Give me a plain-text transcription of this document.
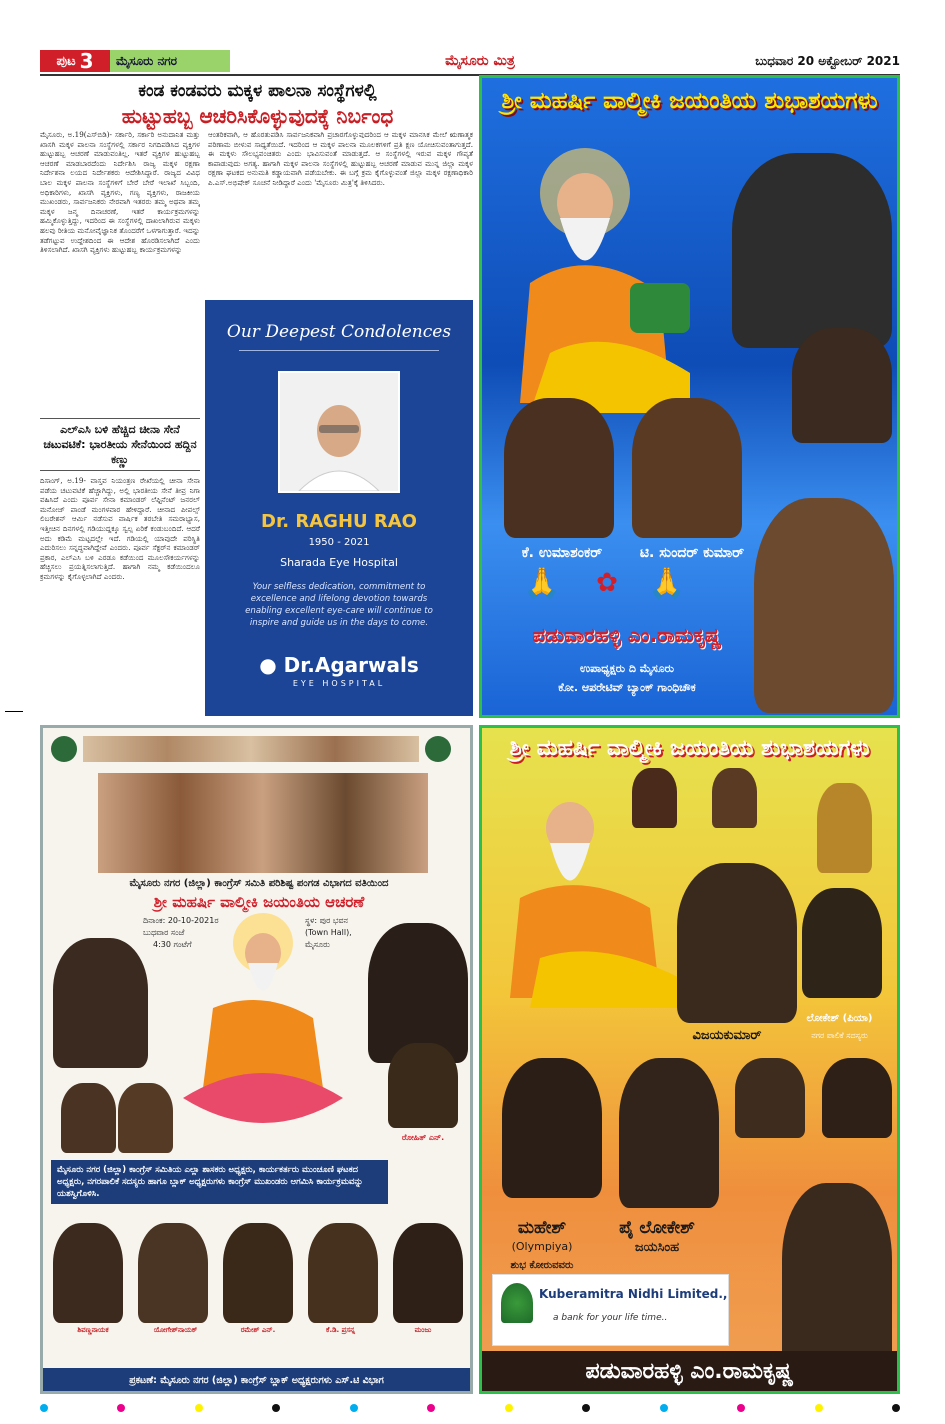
ಪುಟ 3	ಮೈಸೂರು ನಗರ	ಮೈಸೂರು ಮಿತ್ರ	ಬುಧವಾರ 20 ಅಕ್ಟೋಬರ್ 2021
ಕಂಡ ಕಂಡವರು ಮಕ್ಕಳ ಪಾಲನಾ ಸಂಸ್ಥೆಗಳಲ್ಲಿ
ಹುಟ್ಟುಹಬ್ಬ ಆಚರಿಸಿಕೊಳ್ಳುವುದಕ್ಕೆ ನಿರ್ಬಂಧ
ಮೈಸೂರು, ಅ.19(ಎಸ್‌ಬಿಡಿ)- ಸರ್ಕಾರಿ, ಸರ್ಕಾರಿ ಅನುದಾನಿತ ಮತ್ತು ಖಾಸಗಿ ಮಕ್ಕಳ ಪಾಲನಾ ಸಂಸ್ಥೆಗಳಲ್ಲಿ ಸರ್ಕಾರ ನಿಗದಿಪಡಿಸಿದ ವ್ಯಕ್ತಿಗಳ ಹುಟ್ಟುಹಬ್ಬ ಆಚರಣೆ ಮಾಡುವಂತಿಲ್ಲ. ಇತರೆ ವ್ಯಕ್ತಿಗಳ ಹುಟ್ಟುಹಬ್ಬ ಆಚರಣೆ ಮಾಡಬಾರದೆಂದು ನಿರ್ದೇಶಿಸಿ ರಾಜ್ಯ ಮಕ್ಕಳ ರಕ್ಷಣಾ ನಿರ್ದೇಶನಾ ಲಯದ ನಿರ್ದೇಶಕರು ಆದೇಶಿಸಿದ್ದಾರೆ. ರಾಜ್ಯದ ವಿವಿಧ ಬಾಲ ಮಕ್ಕಳ ಪಾಲನಾ ಸಂಸ್ಥೆಗಳಿಗೆ ಬೇರೆ ಬೇರೆ ಇಲಾಖೆ ಸಿಬ್ಬಂದಿ, ಅಧಿಕಾರಿಗಳು, ಖಾಸಗಿ ವ್ಯಕ್ತಿಗಳು, ಗಣ್ಯ ವ್ಯಕ್ತಿಗಳು, ರಾಜಕೀಯ ಮುಖಂಡರು, ಸಾರ್ವಜನಿಕರು ನೇರವಾಗಿ ಇತರರು ತಮ್ಮ ಅಥವಾ ತಮ್ಮ ಮಕ್ಕಳ ಜನ್ಮ ದಿನಾಚರಣೆ, ಇತರೆ ಕಾರ್ಯಕ್ರಮಗಳನ್ನು ಹಮ್ಮಿಕೊಳ್ಳುತ್ತಿದ್ದು, ಇದರಿಂದ ಈ ಸಂಸ್ಥೆಗಳಲ್ಲಿ ದಾಖಲಾಗಿರುವ ಮಕ್ಕಳು ಹಲವು ರೀತಿಯ ಮನೋವೈಜ್ಞಾನಿಕ ತೊಂದರೆಗೆ ಒಳಗಾಗುತ್ತಾರೆ. ಇದನ್ನು ತಡೆಗಟ್ಟುವ ಉದ್ದೇಶದಿಂದ ಈ ಆದೇಶ ಹೊರಡಿಸಲಾಗಿದೆ ಎಂದು ತಿಳಿಸಲಾಗಿದೆ. ಖಾಸಗಿ ವ್ಯಕ್ತಿಗಳು ಹುಟ್ಟುಹಬ್ಬ ಕಾರ್ಯಕ್ರಮಗಳನ್ನು
ಆಂತರಿಕವಾಗಿ, ಆ ಹೊರತುಪಡಿಸಿ ಸಾರ್ವಜನಿಕವಾಗಿ ಪ್ರಚಾರಗೊಳ್ಳುವುದರಿಂದ ಆ ಮಕ್ಕಳ ಮಾನಸಿಕ ಮೇಲೆ ಋಣಾತ್ಮಕ ಪರಿಣಾಮ ಬೀಳುವ ಸಾಧ್ಯತೆಯಿದೆ. ಇದರಿಂದ ಆ ಮಕ್ಕಳ ಪಾಲನಾ ಮೂಲಕಗಳಿಗೆ ಪ್ರತಿ ಕ್ಷಣ ಯೋಚಿಸುವಂತಾಗುತ್ತದೆ. ಈ ಮಕ್ಕಳು ಸೌಲಭ್ಯವಂಚಿತರು ಎಂದು ಭಾವಿಸುವಂತೆ ಮಾಡುತ್ತದೆ. ಆ ಸಂಸ್ಥೆಗಳಲ್ಲಿ ಇರುವ ಮಕ್ಕಳ ಗೌಪ್ಯತೆ ಕಾಪಾಡುವುದು ಅಗತ್ಯ. ಹಾಗಾಗಿ ಮಕ್ಕಳ ಪಾಲನಾ ಸಂಸ್ಥೆಗಳಲ್ಲಿ ಹುಟ್ಟುಹಬ್ಬ ಆಚರಣೆ ಮಾಡುವ ಮುನ್ನ ಜಿಲ್ಲಾ ಮಕ್ಕಳ ರಕ್ಷಣಾ ಘಟಕದ ಅನುಮತಿ ಕಡ್ಡಾಯವಾಗಿ ಪಡೆಯಬೇಕು. ಈ ಬಗ್ಗೆ ಕ್ರಮ ಕೈಗೊಳ್ಳುವಂತೆ ಜಿಲ್ಲಾ ಮಕ್ಕಳ ರಕ್ಷಣಾಧಿಕಾರಿ ಪಿ.ಎಸ್.ಅಭಿಷೇಕ್ ಸೂಚನೆ ನೀಡಿದ್ದಾರೆ ಎಂದು 'ಮೈಸೂರು ಮಿತ್ರ'ಕ್ಕೆ ತಿಳಿಸಿದರು.
ಎಲ್‌ಎಸಿ ಬಳಿ ಹೆಚ್ಚಿದ ಚೀನಾ ಸೇನೆ ಚಟುವಟಿಕೆ: ಭಾರತೀಯ ಸೇನೆಯಿಂದ ಹದ್ದಿನ ಕಣ್ಣು
ದಿಸಾಂಗ್, ಅ.19- ವಾಸ್ತವ ನಿಯಂತ್ರಣ ರೇಖೆಯಲ್ಲಿ ಚೀನಾ ಸೇನಾ ಪಡೆಯ ಚಟುವಟಿಕೆ ಹೆಚ್ಚಾಗಿದ್ದು, ಅಲ್ಲಿ ಭಾರತೀಯ ಸೇನೆ ತೀವ್ರ ನಿಗಾ ವಹಿಸಿದೆ ಎಂದು ಪೂರ್ವ ಸೇನಾ ಕಮಾಂಡರ್ ಲೆಫ್ಟಿನೆಂಟ್ ಜನರಲ್ ಮನೋಜ್ ಪಾಂಡೆ ಮಂಗಳವಾರ ಹೇಳಿದ್ದಾರೆ. ಚೀನಾದ ಪೀಪಲ್ಸ್ ಲಿಬರೇಶನ್ ಆರ್ಮಿ ನಡೆಸುವ ವಾರ್ಷಿಕ ತರಬೇತಿ ಸಮರಾಭ್ಯಾಸ, ಇತ್ತೀಚಿನ ದಿನಗಳಲ್ಲಿ ಗಡಿಯುದ್ದಕ್ಕೂ ಸ್ವಲ್ಪ ಏರಿಕೆ ಕಂಡುಬಂದಿದೆ. ಆದರೆ ಅದು ಕಡಿಮೆ ಮಟ್ಟದಲ್ಲೇ ಇದೆ. ಗಡಿಯಲ್ಲಿ ಯಾವುದೇ ಪರಿಸ್ಥಿತಿ ಎದುರಿಸಲು ಸನ್ನದ್ಧವಾಗಿದ್ದೇವೆ ಎಂದರು. ಪೂರ್ವ ಸೆಕ್ಟರ್‌ನ ಕಮಾಂಡರ್ ಪ್ರಕಾರ, ಎಲ್‌ಎಸಿ ಬಳಿ ಎರಡೂ ಕಡೆಯಿಂದ ಮೂಲಸೌಕರ್ಯಗಳನ್ನು ಹೆಚ್ಚಿಸಲು ಪ್ರಯತ್ನಿಸಲಾಗುತ್ತಿದೆ. ಹಾಗಾಗಿ ನಮ್ಮ ಕಡೆಯಿಂದಲೂ ಕ್ರಮಗಳನ್ನು ಕೈಗೊಳ್ಳಲಾಗಿದೆ ಎಂದರು.
Our Deepest Condolences
Dr. RAGHU RAO
1950 - 2021
Sharada Eye Hospital
Your selfless dedication, commitment to excellence and lifelong devotion towards enabling excellent eye-care will continue to inspire and guide us in the days to come.
● Dr.Agarwals
EYE HOSPITAL
ಶ್ರೀ ಮಹರ್ಷಿ ವಾಲ್ಮೀಕಿ ಜಯಂತಿಯ ಶುಭಾಶಯಗಳು
ಕೆ. ಉಮಾಶಂಕರ್	ಟಿ. ಸುಂದರ್ ಕುಮಾರ್
🙏	🙏
✿
ಪಡುವಾರಹಳ್ಳಿ ಎಂ.ರಾಮಕೃಷ್ಣ
ಉಪಾಧ್ಯಕ್ಷರು ದಿ ಮೈಸೂರು
ಕೋ. ಆಪರೇಟಿವ್ ಬ್ಯಾಂಕ್ ಗಾಂಧಿಚೌಕ
ಮೈಸೂರು ನಗರ (ಜಿಲ್ಲಾ) ಕಾಂಗ್ರೆಸ್ ಸಮಿತಿ ಪರಿಶಿಷ್ಟ ಪಂಗಡ ವಿಭಾಗದ ವತಿಯಿಂದ
ಶ್ರೀ ಮಹರ್ಷಿ ವಾಲ್ಮೀಕಿ ಜಯಂತಿಯ ಆಚರಣೆ
ದಿನಾಂಕ: 20-10-2021ರ
ಬುಧವಾರ ಸಂಜೆ
4:30 ಗಂಟೆಗೆ
ಸ್ಥಳ: ಪುರ ಭವನ
(Town Hall),
ಮೈಸೂರು
ರೋಹಿತ್ ಎನ್.
ಮೈಸೂರು ನಗರ (ಜಿಲ್ಲಾ) ಕಾಂಗ್ರೆಸ್ ಸಮಿತಿಯ ಎಲ್ಲಾ ಶಾಸಕರು ಅಧ್ಯಕ್ಷರು, ಕಾರ್ಯಕರ್ತರು ಮುಂಚೂಣಿ ಘಟಕದ ಅಧ್ಯಕ್ಷರು, ನಗರಪಾಲಿಕೆ ಸದಸ್ಯರು ಹಾಗೂ ಬ್ಲಾಕ್ ಅಧ್ಯಕ್ಷರುಗಳು ಕಾಂಗ್ರೆಸ್ ಮುಖಂಡರು ಆಗಮಿಸಿ ಕಾರ್ಯಕ್ರಮವನ್ನು ಯಶಸ್ವಿಗೊಳಿಸಿ.
ಶಿವಣ್ಣನಾಯಕ	ಯೋಗೇಶ್‌ನಾಯಕ್	ರಮೇಶ್ ಎನ್.	ಕೆ.ಡಿ. ಪ್ರಸನ್ನ	ಮಂಜು
ಪ್ರಕಟಣೆ: ಮೈಸೂರು ನಗರ (ಜಿಲ್ಲಾ) ಕಾಂಗ್ರೆಸ್ ಬ್ಲಾಕ್ ಅಧ್ಯಕ್ಷರುಗಳು ಎಸ್.ಟಿ ವಿಭಾಗ
ಶ್ರೀ ಮಹರ್ಷಿ ವಾಲ್ಮೀಕಿ ಜಯಂತಿಯ ಶುಭಾಶಯಗಳು
ವಿಜಯಕುಮಾರ್
ಲೋಕೇಶ್ (ಪಿಯಾ)
ನಗರ ಪಾಲಿಕೆ ಸದಸ್ಯರು
ಮಹೇಶ್
(Olympiya)
ಪೈ ಲೋಕೇಶ್
ಜಯಸಿಂಹ
ಶುಭ ಕೋರುವವರು
Kuberamitra Nidhi Limited.,
a bank for your life time..
ಪಡುವಾರಹಳ್ಳಿ ಎಂ.ರಾಮಕೃಷ್ಣ
